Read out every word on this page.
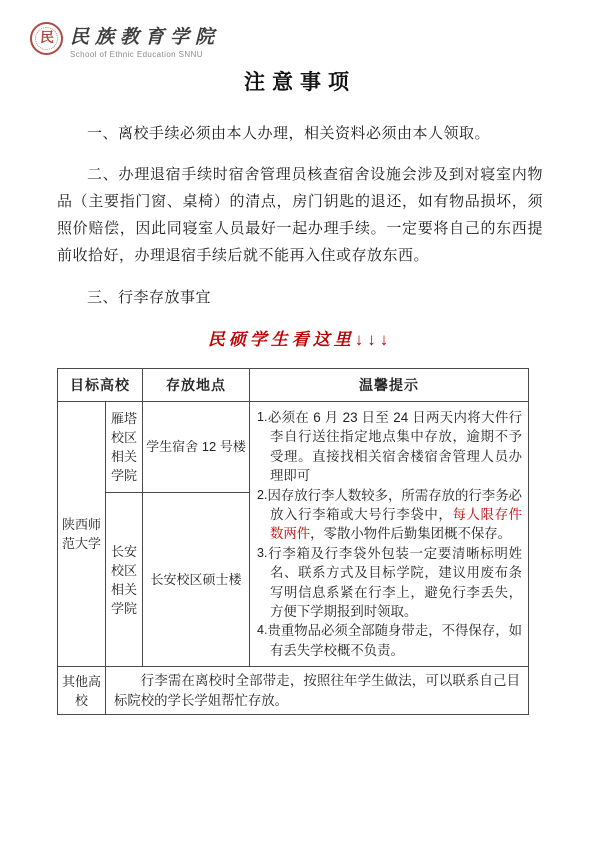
民 民族教育学院
School of Ethnic Education SNNU
注意事项

一、离校手续必须由本人办理，相关资料必须由本人领取。

二、办理退宿手续时宿舍管理员核查宿舍设施会涉及到对寝室内物品（主要指门窗、桌椅）的清点，房门钥匙的退还，如有物品损坏，须照价赔偿，因此同寝室人员最好一起办理手续。一定要将自己的东西提前收拾好，办理退宿手续后就不能再入住或存放东西。

三、行李存放事宜

民硕学生看这里↓↓↓
目标高校		存放地点	温馨提示
陕西师范大学	雁塔校区相关学院	学生宿舍 12 号楼	1.必须在 6 月 23 日至 24 日两天内将大件行李自行送往指定地点集中存放，逾期不予受理。直接找相关宿舍楼宿舍管理人员办理即可
2.因存放行李人数较多，所需存放的行李务必放入行李箱或大号行李袋中，每人限存件数两件，零散小物件后勤集团概不保存。
3.行李箱及行李袋外包装一定要清晰标明姓名、联系方式及目标学院，建议用废布条写明信息系紧在行李上，避免行李丢失，方便下学期报到时领取。
4.贵重物品必须全部随身带走，不得保存，如有丢失学校概不负责。

	长安校区相关学院	长安校区硕士楼	
其他高校	行李需在离校时全部带走，按照往年学生做法，可以联系自己目标院校的学长学姐帮忙存放。		
